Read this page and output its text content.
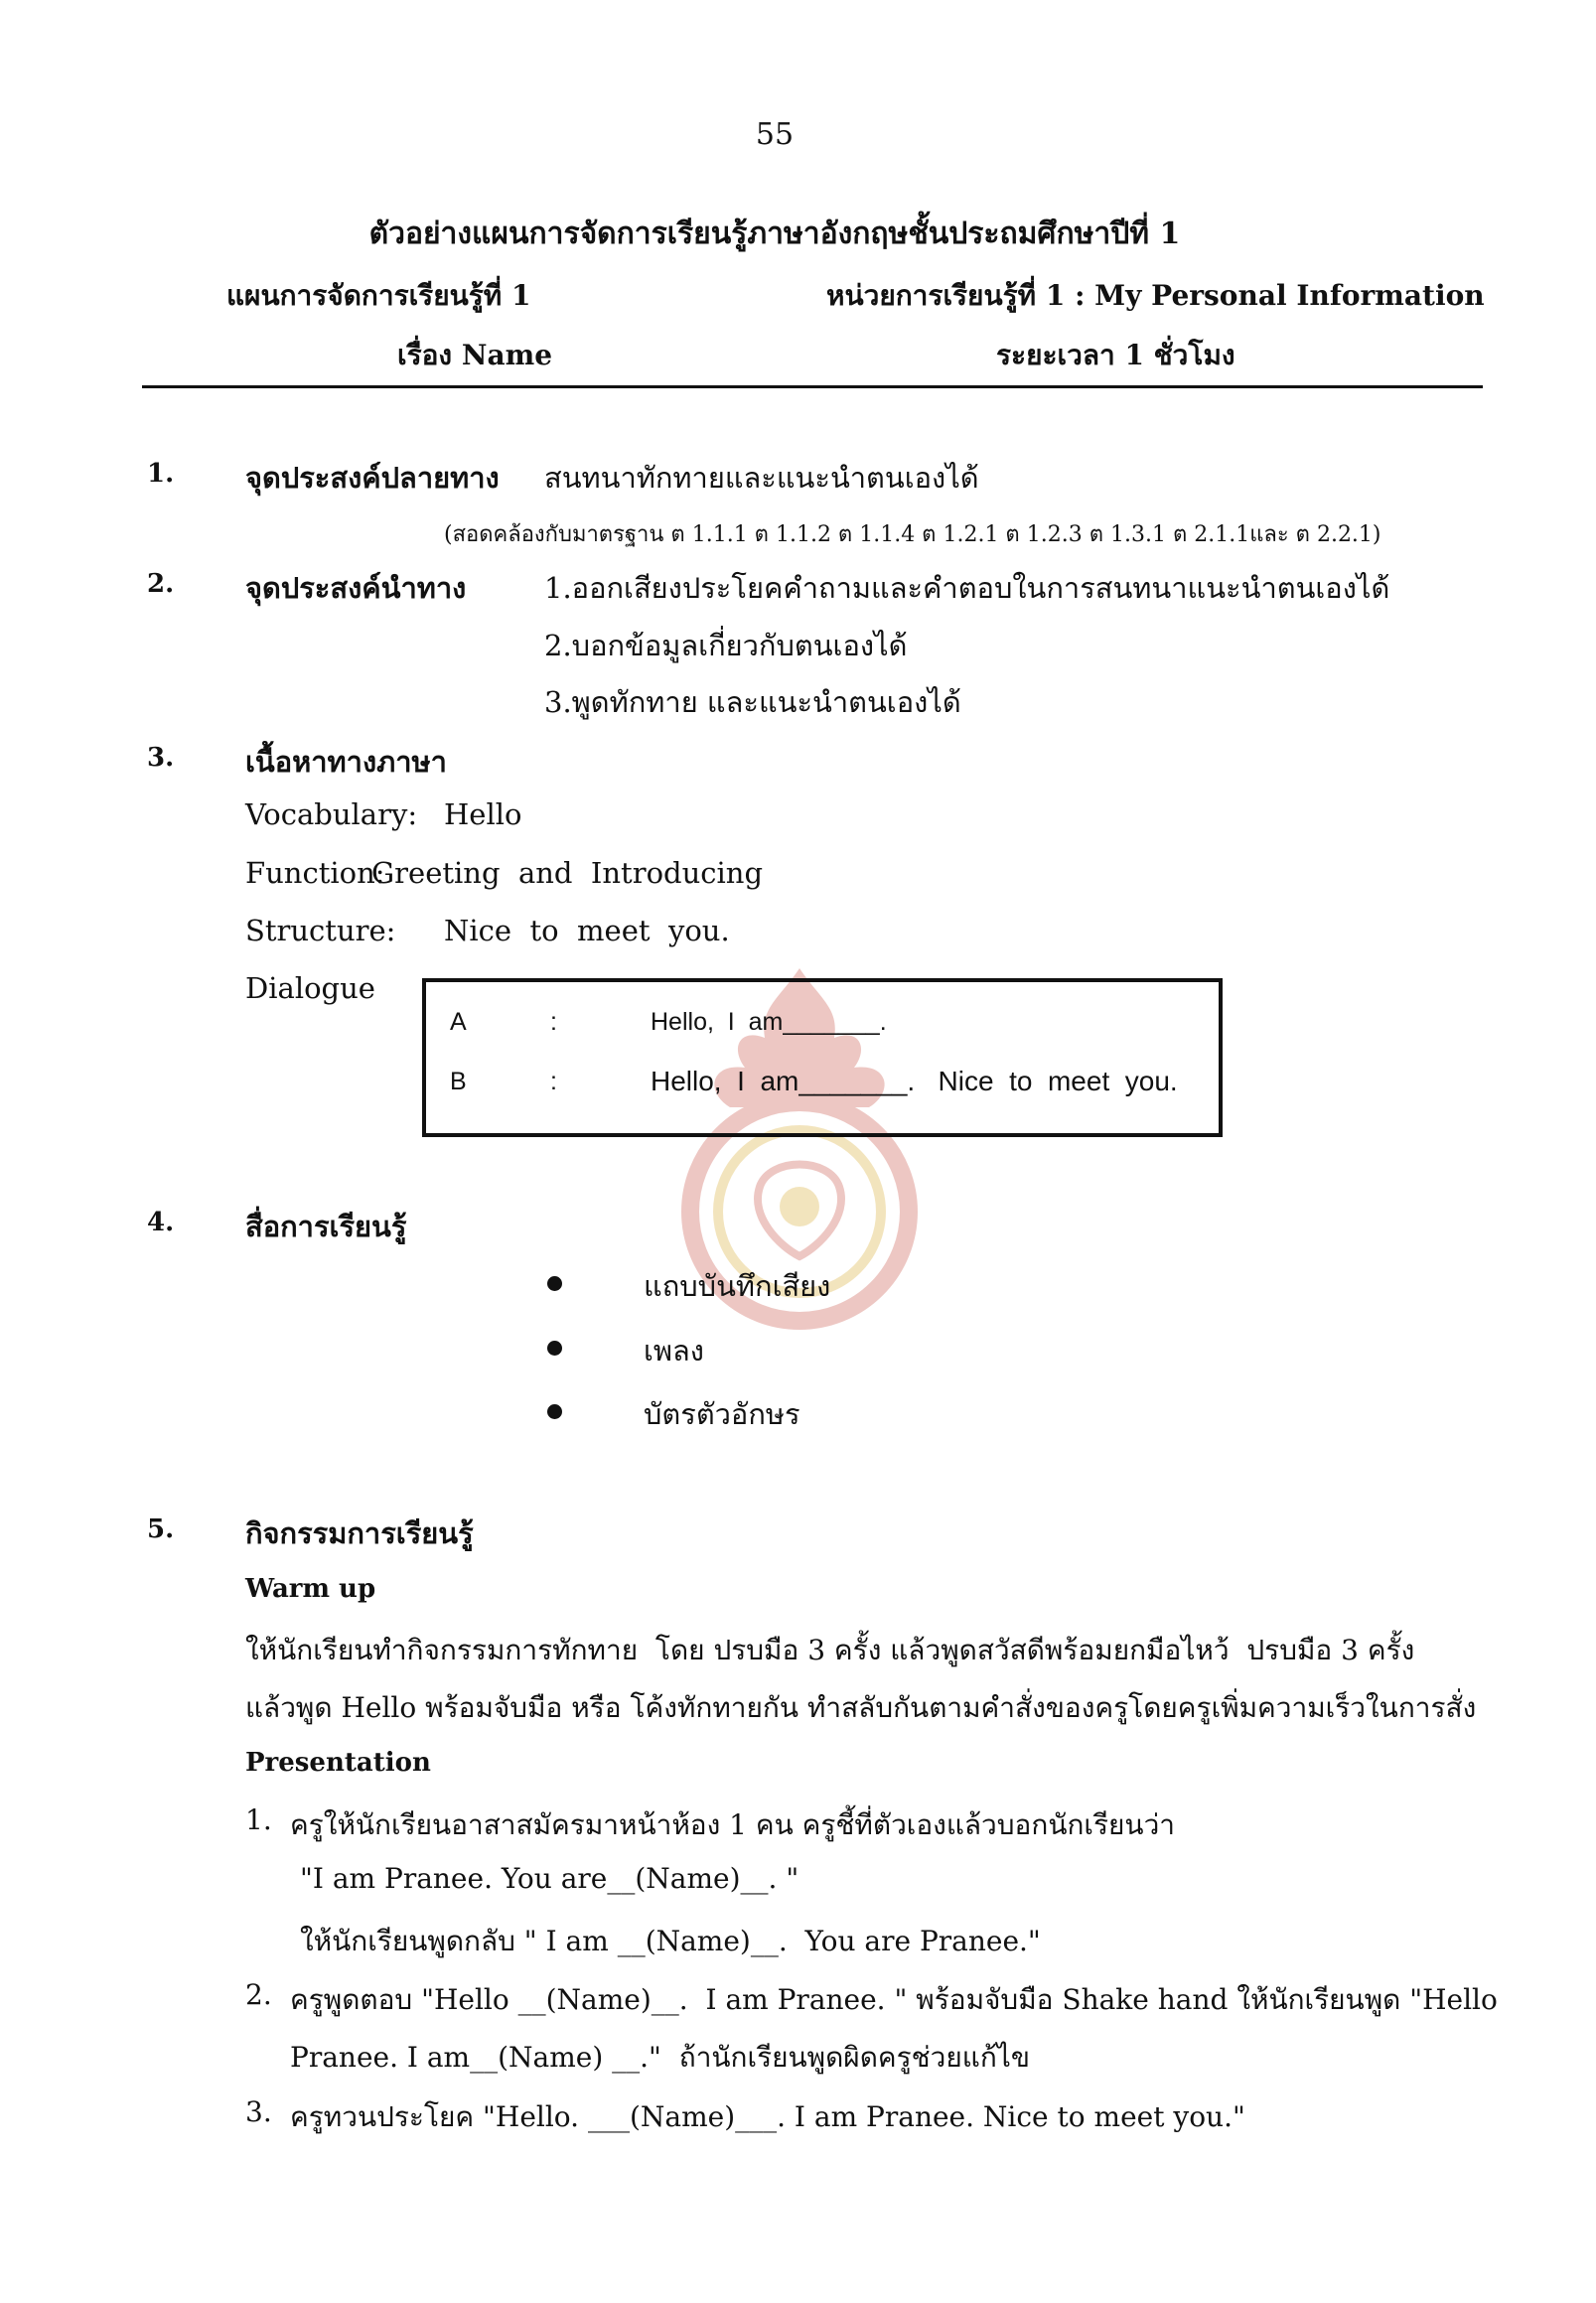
55
ตัวอย่างแผนการจัดการเรียนรู้ภาษาอังกฤษชั้นประถมศึกษาปีที่ 1
แผนการจัดการเรียนรู้ที่ 1	หน่วยการเรียนรู้ที่ 1 : My Personal Information
เรื่อง Name	ระยะเวลา 1 ชั่วโมง
1. จุดประสงค์ปลายทาง สนทนาทักทายและแนะนำตนเองได้
(สอดคล้องกับมาตรฐาน ต 1.1.1 ต 1.1.2 ต 1.1.4 ต 1.2.1 ต 1.2.3 ต 1.3.1 ต 2.1.1และ ต 2.2.1)
2. จุดประสงค์นำทาง	1.ออกเสียงประโยคคำถามและคำตอบในการสนทนาแนะนำตนเองได้
2.บอกข้อมูลเกี่ยวกับตนเองได้
3.พูดทักทาย และแนะนำตนเองได้
3. เนื้อหาทางภาษา
Vocabulary: Hello
Function:
Greeting  and  Introducing
Structure: Nice  to  meet  you.
Dialogue
A	:	Hello,  I  am_______.
B	:	Hello,  I  am_______.   Nice  to  meet  you.
4. สื่อการเรียนรู้
แถบบันทึกเสียง
เพลง
บัตรตัวอักษร
5. กิจกรรมการเรียนรู้
Warm up
ให้นักเรียนทำกิจกรรมการทักทาย  โดย ปรบมือ 3 ครั้ง แล้วพูดสวัสดีพร้อมยกมือไหว้  ปรบมือ 3 ครั้ง
แล้วพูด Hello พร้อมจับมือ หรือ โค้งทักทายกัน ทำสลับกันตามคำสั่งของครูโดยครูเพิ่มความเร็วในการสั่ง
Presentation
1. ครูให้นักเรียนอาสาสมัครมาหน้าห้อง 1 คน ครูชี้ที่ตัวเองแล้วบอกนักเรียนว่า
"I am Pranee. You are__(Name)__. "
ให้นักเรียนพูดกลับ " I am __(Name)__.  You are Pranee."
2. ครูพูดตอบ "Hello __(Name)__.  I am Pranee. " พร้อมจับมือ Shake hand ให้นักเรียนพูด "Hello
Pranee. I am__(Name) __."  ถ้านักเรียนพูดผิดครูช่วยแก้ไข
3. ครูทวนประโยค "Hello. ___(Name)___. I am Pranee. Nice to meet you."
